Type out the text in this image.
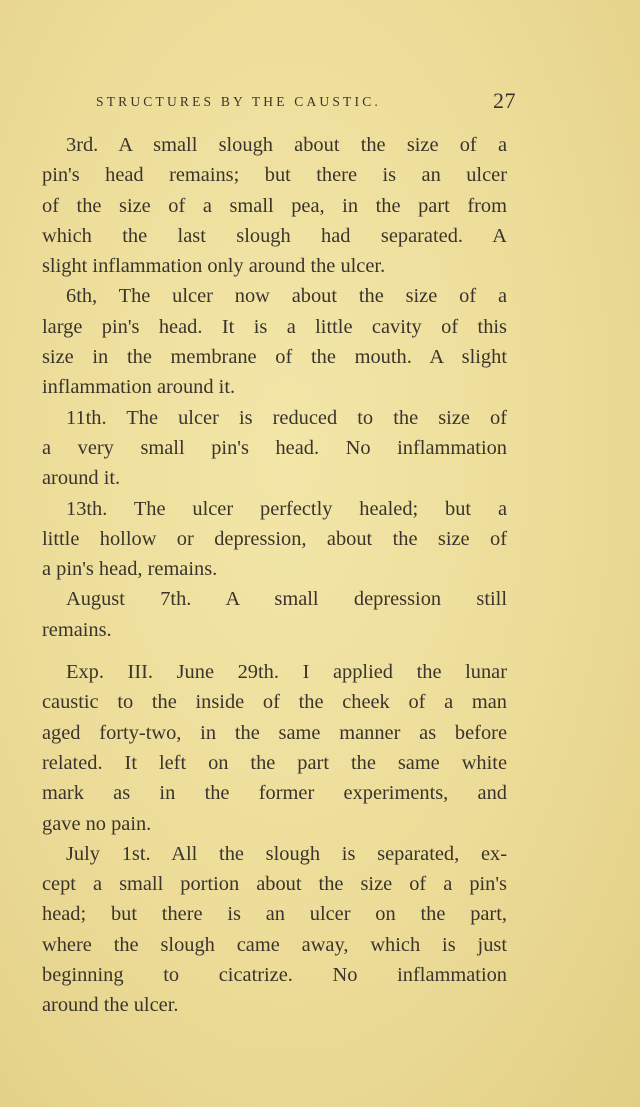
STRUCTURES BY THE CAUSTIC.	27
3rd. A small slough about the size of a
pin's head remains; but there is an ulcer
of the size of a small pea, in the part from
which the last slough had separated. A
slight inflammation only around the ulcer.
6th, The ulcer now about the size of a
large pin's head. It is a little cavity of this
size in the membrane of the mouth. A slight
inflammation around it.
11th. The ulcer is reduced to the size of
a very small pin's head. No inflammation
around it.
13th. The ulcer perfectly healed; but a
little hollow or depression, about the size of
a pin's head, remains.
August 7th. A small depression still
remains.
Exp. III. June 29th. I applied the lunar
caustic to the inside of the cheek of a man
aged forty-two, in the same manner as before
related. It left on the part the same white
mark as in the former experiments, and
gave no pain.
July 1st. All the slough is separated, ex-
cept a small portion about the size of a pin's
head; but there is an ulcer on the part,
where the slough came away, which is just
beginning to cicatrize. No inflammation
around the ulcer.
